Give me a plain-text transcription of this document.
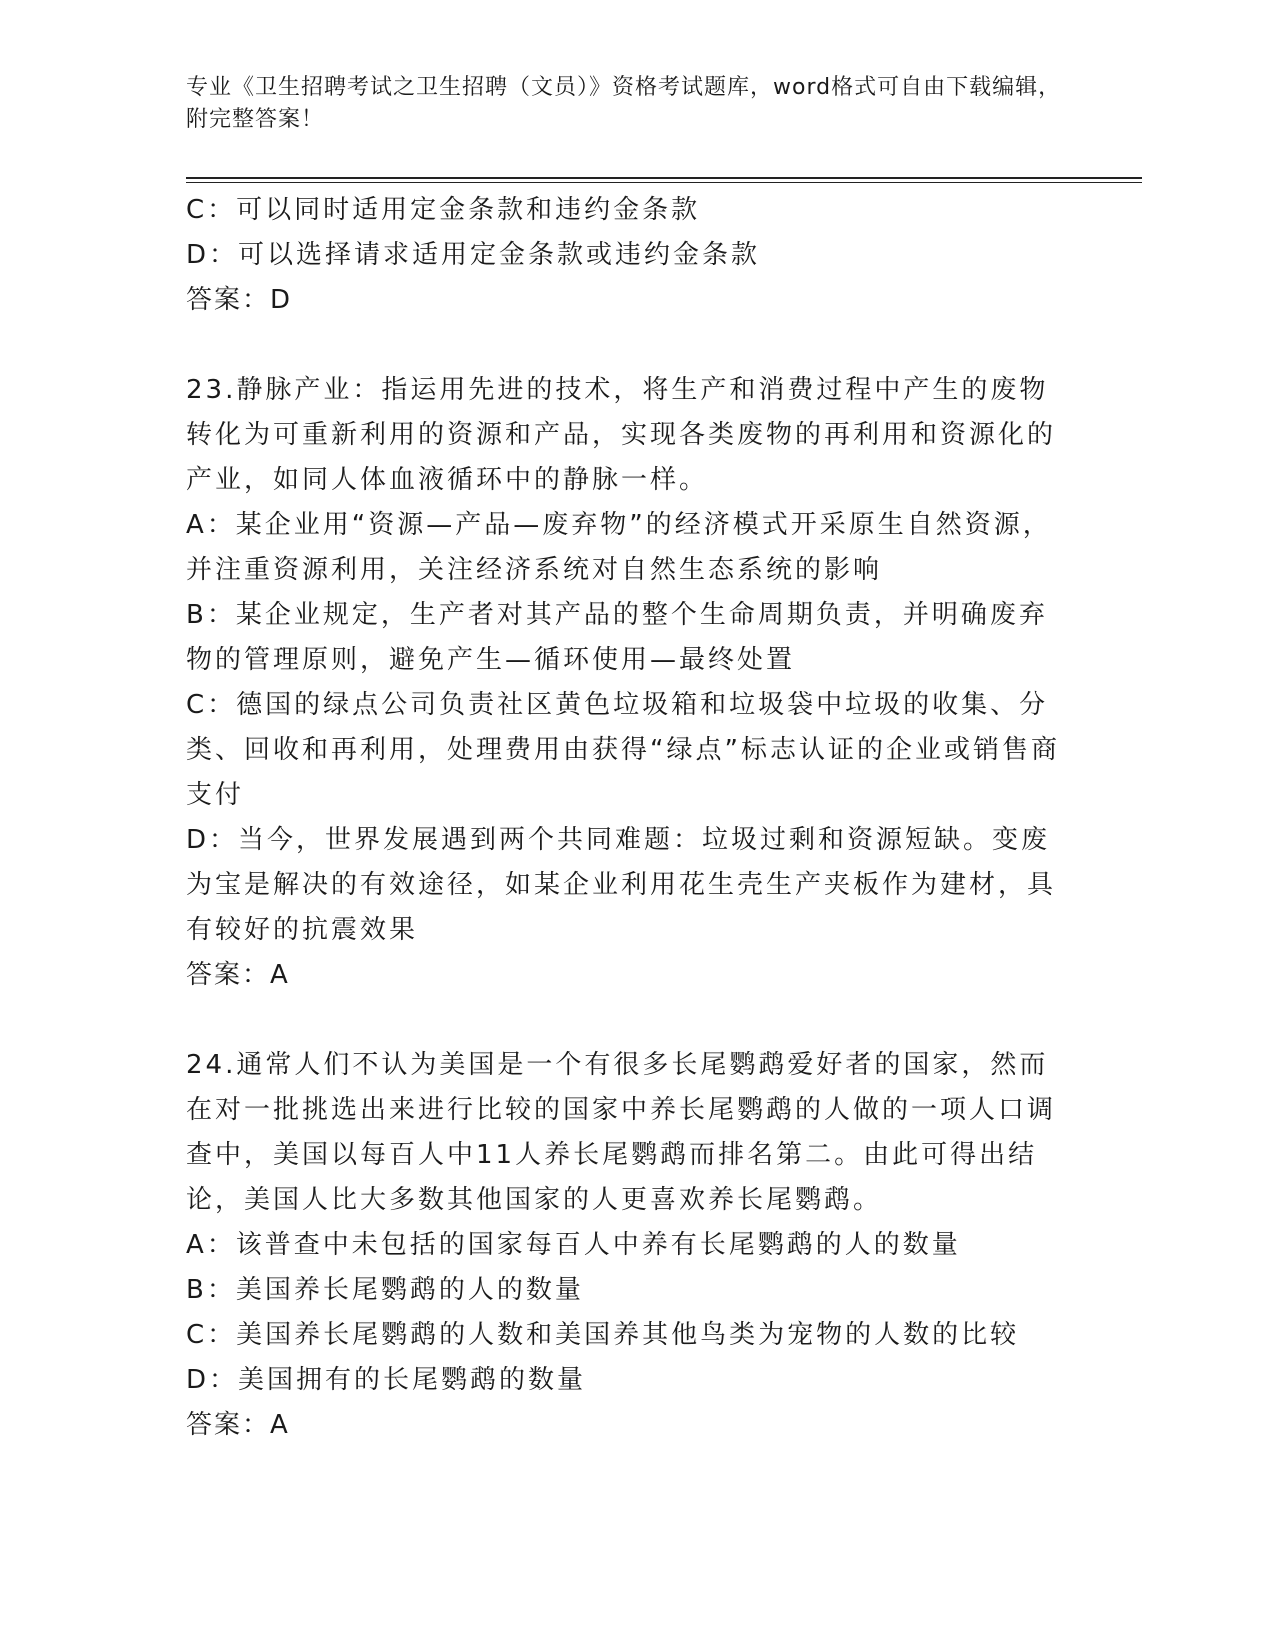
专业《卫生招聘考试之卫生招聘（文员）》资格考试题库，word格式可自由下载编辑，附完整答案！
C：可以同时适用定金条款和违约金条款
D：可以选择请求适用定金条款或违约金条款
答案：D
23.静脉产业：指运用先进的技术，将生产和消费过程中产生的废物转化为可重新利用的资源和产品，实现各类废物的再利用和资源化的产业，如同人体血液循环中的静脉一样。
A：某企业用“资源—产品—废弃物”的经济模式开采原生自然资源，并注重资源利用，关注经济系统对自然生态系统的影响
B：某企业规定，生产者对其产品的整个生命周期负责，并明确废弃物的管理原则，避免产生—循环使用—最终处置
C：德国的绿点公司负责社区黄色垃圾箱和垃圾袋中垃圾的收集、分类、回收和再利用，处理费用由获得“绿点”标志认证的企业或销售商支付
D：当今，世界发展遇到两个共同难题：垃圾过剩和资源短缺。变废为宝是解决的有效途径，如某企业利用花生壳生产夹板作为建材，具有较好的抗震效果
答案：A
24.通常人们不认为美国是一个有很多长尾鹦鹉爱好者的国家，然而在对一批挑选出来进行比较的国家中养长尾鹦鹉的人做的一项人口调查中，美国以每百人中11人养长尾鹦鹉而排名第二。由此可得出结论，美国人比大多数其他国家的人更喜欢养长尾鹦鹉。
A：该普查中未包括的国家每百人中养有长尾鹦鹉的人的数量
B：美国养长尾鹦鹉的人的数量
C：美国养长尾鹦鹉的人数和美国养其他鸟类为宠物的人数的比较
D：美国拥有的长尾鹦鹉的数量
答案：A
